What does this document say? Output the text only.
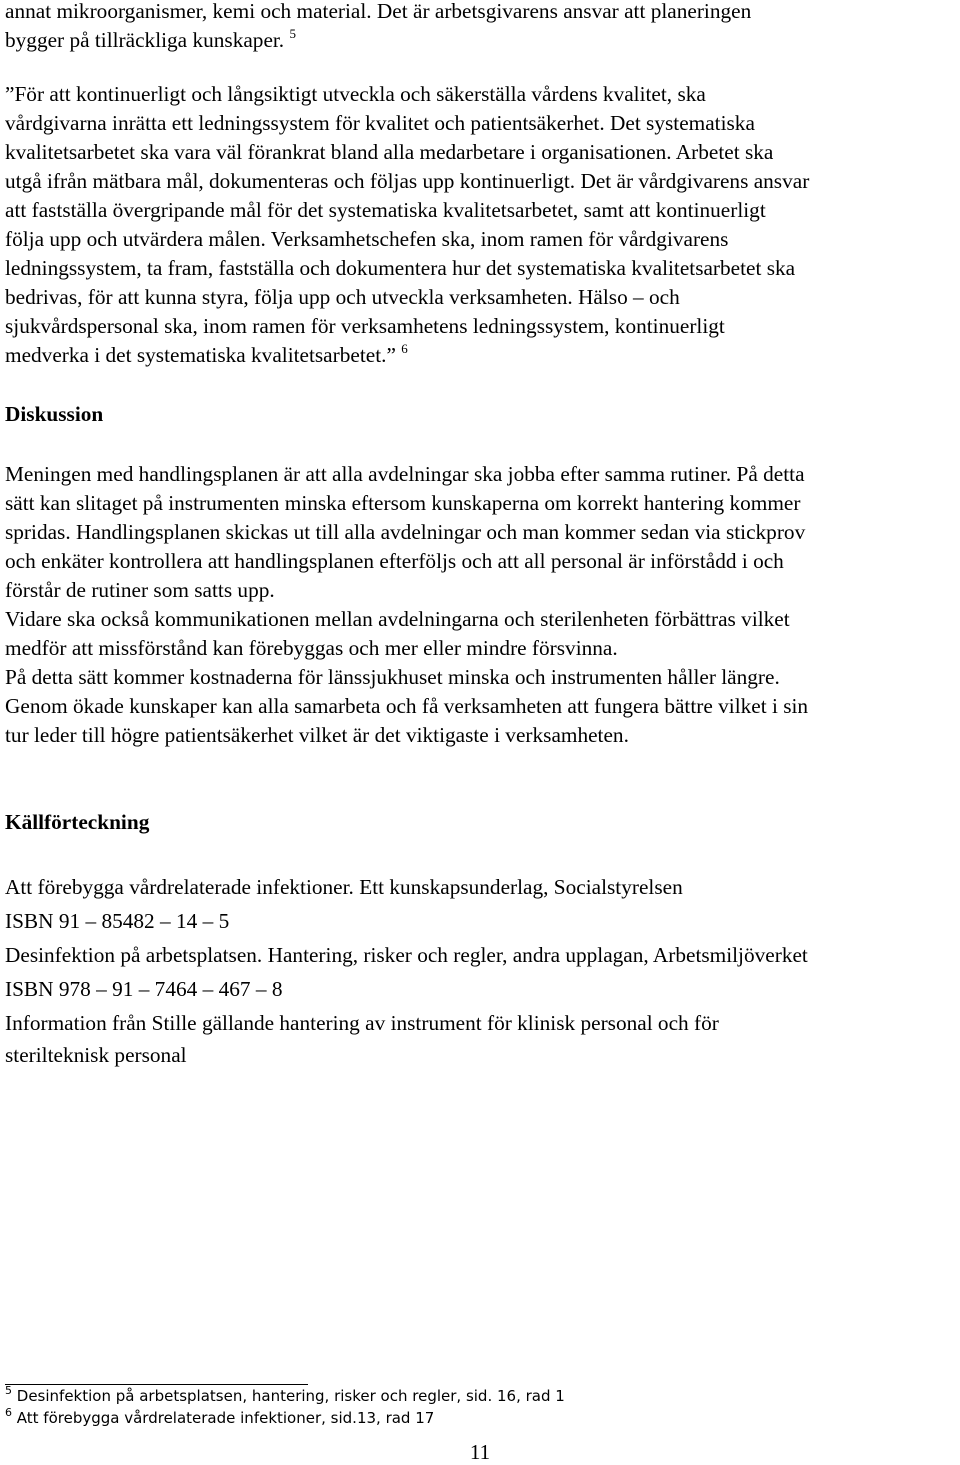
annat mikroorganismer, kemi och material. Det är arbetsgivarens ansvar att planeringen
bygger på tillräckliga kunskaper. $^5$
”För att kontinuerligt och långsiktigt utveckla och säkerställa vårdens kvalitet, ska
vårdgivarna inrätta ett ledningssystem för kvalitet och patientsäkerhet. Det systematiska
kvalitetsarbetet ska vara väl förankrat bland alla medarbetare i organisationen. Arbetet ska
utgå ifrån mätbara mål, dokumenteras och följas upp kontinuerligt. Det är vårdgivarens ansvar
att fastställa övergripande mål för det systematiska kvalitetsarbetet, samt att kontinuerligt
följa upp och utvärdera målen. Verksamhetschefen ska, inom ramen för vårdgivarens
ledningssystem, ta fram, fastställa och dokumentera hur det systematiska kvalitetsarbetet ska
bedrivas, för att kunna styra, följa upp och utveckla verksamheten. Hälso – och
sjukvårdspersonal ska, inom ramen för verksamhetens ledningssystem, kontinuerligt
medverka i det systematiska kvalitetsarbetet.” $^6$
Diskussion
Meningen med handlingsplanen är att alla avdelningar ska jobba efter samma rutiner. På detta
sätt kan slitaget på instrumenten minska eftersom kunskaperna om korrekt hantering kommer
spridas. Handlingsplanen skickas ut till alla avdelningar och man kommer sedan via stickprov
och enkäter kontrollera att handlingsplanen efterföljs och att all personal är införstådd i och
förstår de rutiner som satts upp.
Vidare ska också kommunikationen mellan avdelningarna och sterilenheten förbättras vilket
medför att missförstånd kan förebyggas och mer eller mindre försvinna.
På detta sätt kommer kostnaderna för länssjukhuset minska och instrumenten håller längre.
Genom ökade kunskaper kan alla samarbeta och få verksamheten att fungera bättre vilket i sin
tur leder till högre patientsäkerhet vilket är det viktigaste i verksamheten.
Källförteckning
Att förebygga vårdrelaterade infektioner. Ett kunskapsunderlag, Socialstyrelsen
ISBN 91 – 85482 – 14 – 5
Desinfektion på arbetsplatsen. Hantering, risker och regler, andra upplagan, Arbetsmiljöverket
ISBN 978 – 91 – 7464 – 467 – 8
Information från Stille gällande hantering av instrument för klinisk personal och för
sterilteknisk personal
$^5$ Desinfektion på arbetsplatsen, hantering, risker och regler, sid. 16, rad 1
$^6$ Att förebygga vårdrelaterade infektioner, sid.13, rad 17
11
